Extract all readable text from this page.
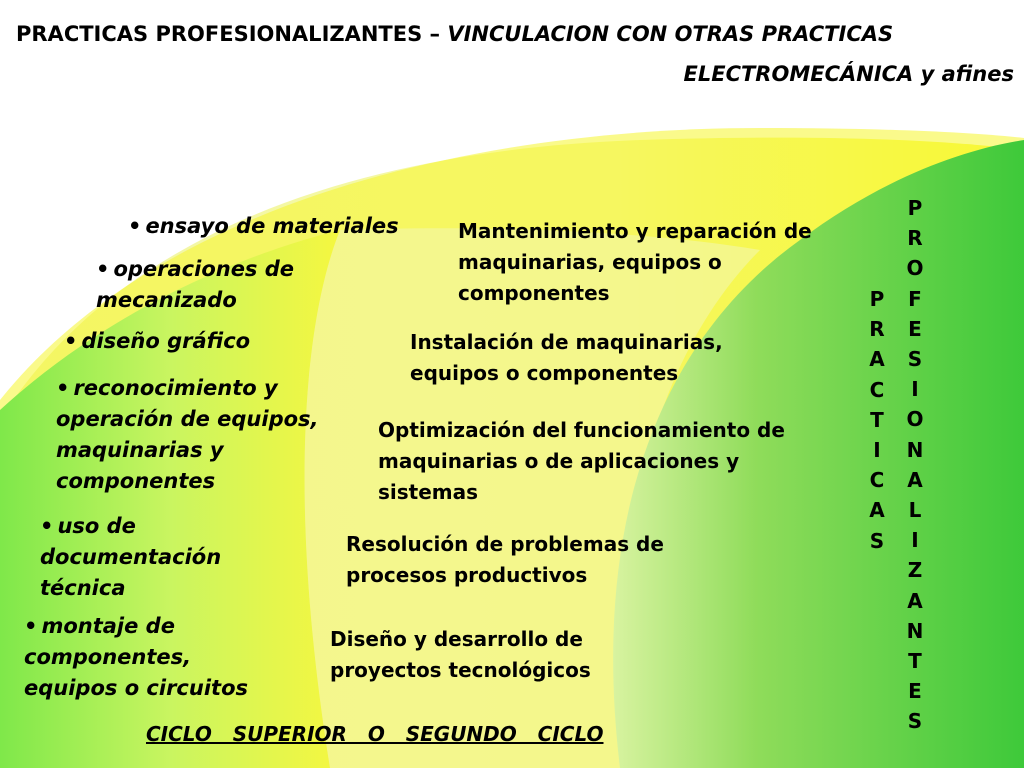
PRACTICAS PROFESIONALIZANTES – VINCULACION CON OTRAS PRACTICAS
ELECTROMECÁNICA y afines
• ensayo de materiales
• operaciones de mecanizado
• diseño gráfico
• reconocimiento y operación de equipos, maquinarias y componentes
• uso de documentación técnica
• montaje de componentes, equipos o circuitos
Mantenimiento y reparación de maquinarias, equipos o componentes
Instalación de maquinarias, equipos o componentes
Optimización del funcionamiento de maquinarias o de aplicaciones y sistemas
Resolución de problemas de procesos productivos
Diseño y desarrollo de proyectos tecnológicos
P
R
A
C
T
I
C
A
S
P
R
O
F
E
S
I
O
N
A
L
I
Z
A
N
T
E
S
CICLO   SUPERIOR   O   SEGUNDO   CICLO
